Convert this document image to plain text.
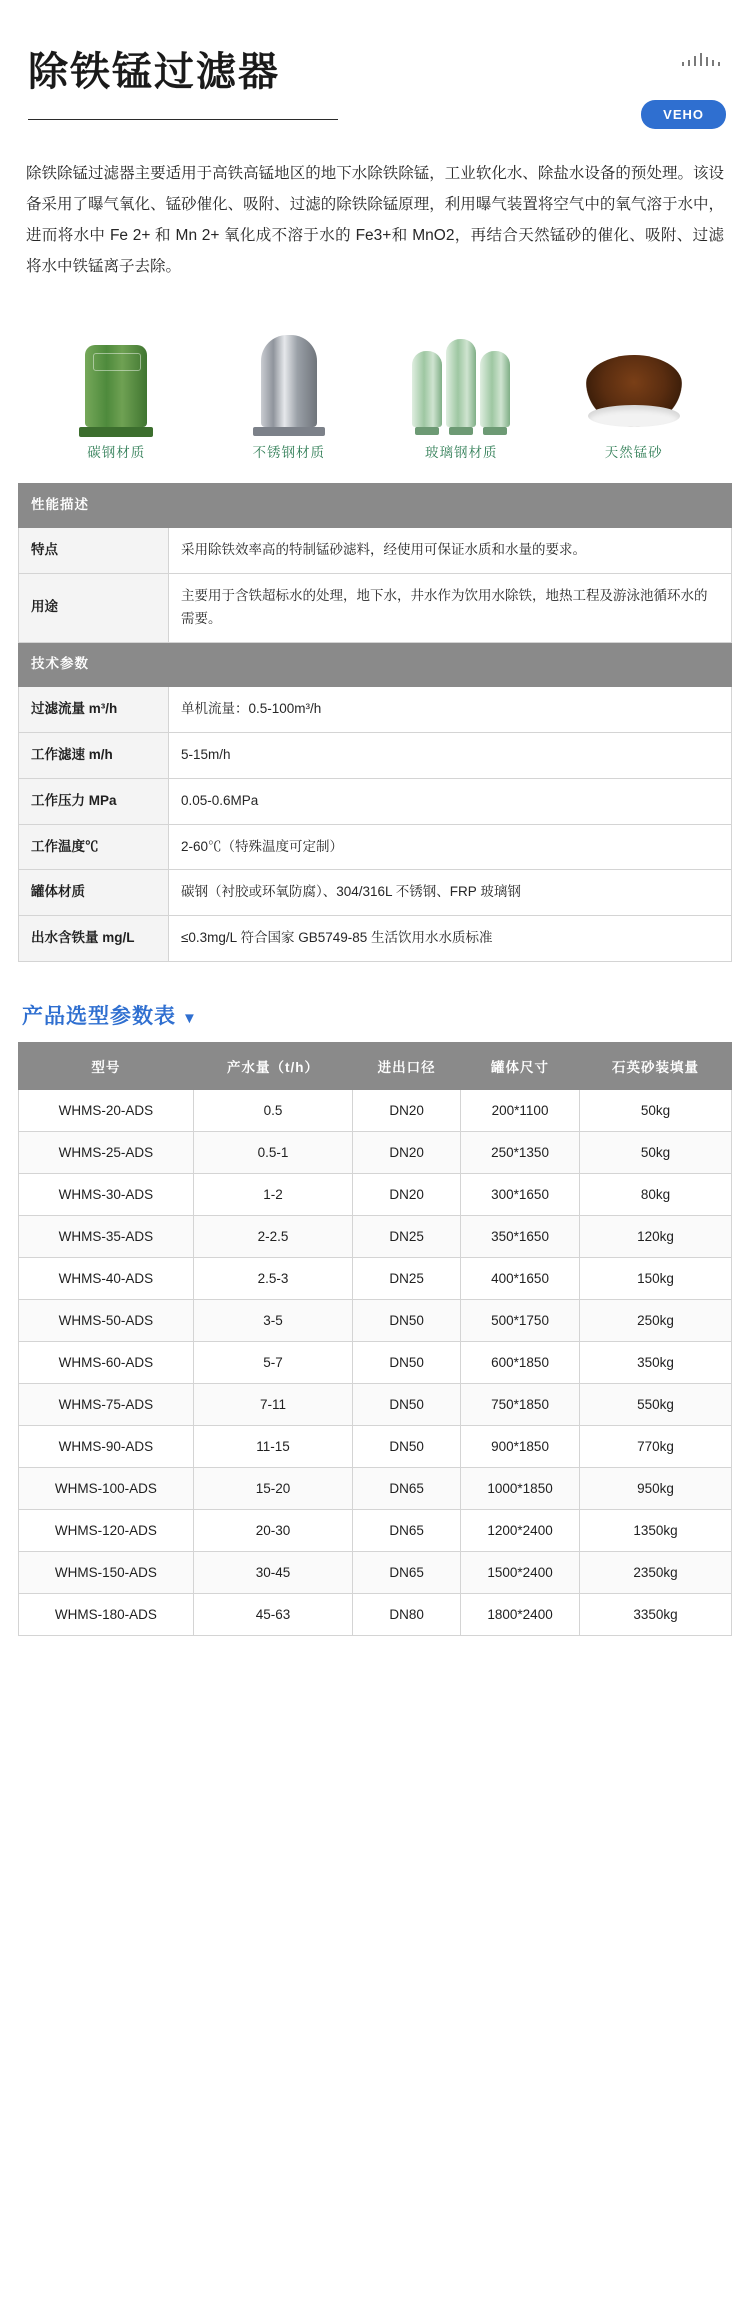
除铁锰过滤器
VEHO

除铁除锰过滤器主要适用于高铁高锰地区的地下水除铁除锰，工业软化水、除盐水设备的预处理。该设备采用了曝气氧化、锰砂催化、吸附、过滤的除铁除锰原理，利用曝气装置将空气中的氧气溶于水中，进而将水中 Fe 2+ 和 Mn 2+ 氧化成不溶于水的 Fe3+和 MnO2，再结合天然锰砂的催化、吸附、过滤将水中铁锰离子去除。

碳钢材质	不锈钢材质	玻璃钢材质	天然锰砂
性能描述	
特点	采用除铁效率高的特制锰砂滤料，经使用可保证水质和水量的要求。
用途	主要用于含铁超标水的处理，地下水，井水作为饮用水除铁，地热工程及游泳池循环水的需要。
技术参数	
过滤流量 m³/h	单机流量：0.5-100m³/h
工作滤速 m/h	5-15m/h
工作压力 MPa	0.05-0.6MPa
工作温度℃	2-60℃（特殊温度可定制）
罐体材质	碳钢（衬胶或环氧防腐）、304/316L 不锈钢、FRP 玻璃钢
出水含铁量 mg/L	≤0.3mg/L 符合国家 GB5749-85 生活饮用水水质标准
产品选型参数表 ▼
型号	产水量（t/h）	进出口径	罐体尺寸	石英砂装填量
WHMS-20-ADS	0.5	DN20	200*1100	50kg
WHMS-25-ADS	0.5-1	DN20	250*1350	50kg
WHMS-30-ADS	1-2	DN20	300*1650	80kg
WHMS-35-ADS	2-2.5	DN25	350*1650	120kg
WHMS-40-ADS	2.5-3	DN25	400*1650	150kg
WHMS-50-ADS	3-5	DN50	500*1750	250kg
WHMS-60-ADS	5-7	DN50	600*1850	350kg
WHMS-75-ADS	7-11	DN50	750*1850	550kg
WHMS-90-ADS	11-15	DN50	900*1850	770kg
WHMS-100-ADS	15-20	DN65	1000*1850	950kg
WHMS-120-ADS	20-30	DN65	1200*2400	1350kg
WHMS-150-ADS	30-45	DN65	1500*2400	2350kg
WHMS-180-ADS	45-63	DN80	1800*2400	3350kg
